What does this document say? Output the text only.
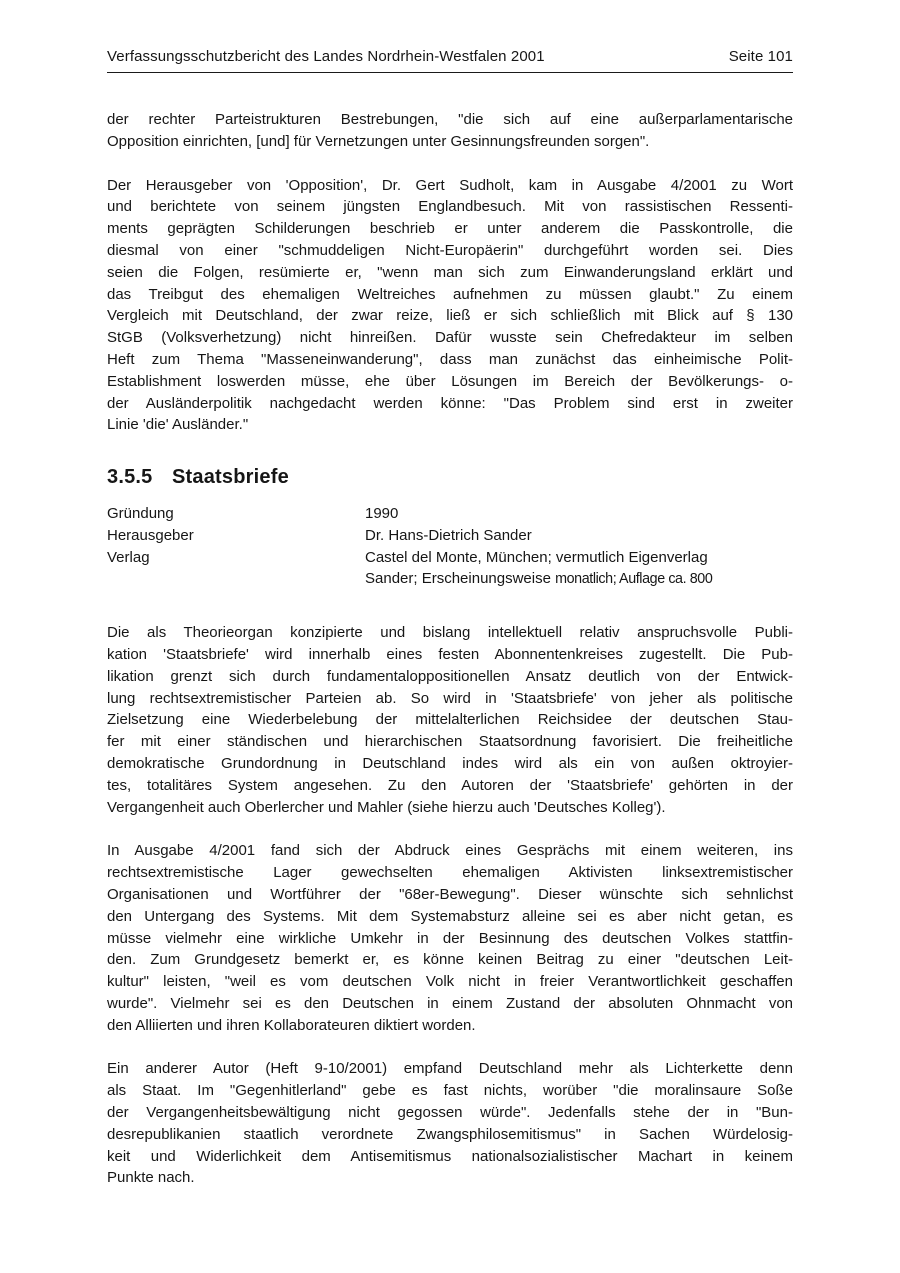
Verfassungsschutzbericht des Landes Nordrhein-Westfalen 2001	Seite 101
der rechter Parteistrukturen Bestrebungen, "die sich auf eine außerparlamentarische
Opposition einrichten, [und] für Vernetzungen unter Gesinnungsfreunden sorgen".
Der Herausgeber von 'Opposition', Dr. Gert Sudholt, kam in Ausgabe 4/2001 zu Wort
und berichtete von seinem jüngsten Englandbesuch. Mit von rassistischen Ressenti-
ments geprägten Schilderungen beschrieb er unter anderem die Passkontrolle, die
diesmal von einer "schmuddeligen Nicht-Europäerin" durchgeführt worden sei. Dies
seien die Folgen, resümierte er, "wenn man sich zum Einwanderungsland erklärt und
das Treibgut des ehemaligen Weltreiches aufnehmen zu müssen glaubt." Zu einem
Vergleich mit Deutschland, der zwar reize, ließ er sich schließlich mit Blick auf § 130
StGB (Volksverhetzung) nicht hinreißen. Dafür wusste sein Chefredakteur im selben
Heft zum Thema "Masseneinwanderung", dass man zunächst das einheimische Polit-
Establishment loswerden müsse, ehe über Lösungen im Bereich der Bevölkerungs- o-
der Ausländerpolitik nachgedacht werden könne: "Das Problem sind erst in zweiter
Linie 'die' Ausländer."
3.5.5 Staatsbriefe
Gründung	1990
Herausgeber	Dr. Hans-Dietrich Sander
Verlag	Castel del Monte, München; vermutlich Eigenverlag
Sander; Erscheinungsweise monatlich; Auflage ca. 800
Die als Theorieorgan konzipierte und bislang intellektuell relativ anspruchsvolle Publi-
kation 'Staatsbriefe' wird innerhalb eines festen Abonnentenkreises zugestellt. Die Pub-
likation grenzt sich durch fundamentaloppositionellen Ansatz deutlich von der Entwick-
lung rechtsextremistischer Parteien ab. So wird in 'Staatsbriefe' von jeher als politische
Zielsetzung eine Wiederbelebung der mittelalterlichen Reichsidee der deutschen Stau-
fer mit einer ständischen und hierarchischen Staatsordnung favorisiert. Die freiheitliche
demokratische Grundordnung in Deutschland indes wird als ein von außen oktroyier-
tes, totalitäres System angesehen. Zu den Autoren der 'Staatsbriefe' gehörten in der
Vergangenheit auch Oberlercher und Mahler (siehe hierzu auch 'Deutsches Kolleg').
In Ausgabe 4/2001 fand sich der Abdruck eines Gesprächs mit einem weiteren, ins
rechtsextremistische Lager gewechselten ehemaligen Aktivisten linksextremistischer
Organisationen und Wortführer der "68er-Bewegung". Dieser wünschte sich sehnlichst
den Untergang des Systems. Mit dem Systemabsturz alleine sei es aber nicht getan, es
müsse vielmehr eine wirkliche Umkehr in der Besinnung des deutschen Volkes stattfin-
den. Zum Grundgesetz bemerkt er, es könne keinen Beitrag zu einer "deutschen Leit-
kultur" leisten, "weil es vom deutschen Volk nicht in freier Verantwortlichkeit geschaffen
wurde". Vielmehr sei es den Deutschen in einem Zustand der absoluten Ohnmacht von
den Alliierten und ihren Kollaborateuren diktiert worden.
Ein anderer Autor (Heft 9-10/2001) empfand Deutschland mehr als Lichterkette denn
als Staat. Im "Gegenhitlerland" gebe es fast nichts, worüber "die moralinsaure Soße
der Vergangenheitsbewältigung nicht gegossen würde". Jedenfalls stehe der in "Bun-
desrepublikanien staatlich verordnete Zwangsphilosemitismus" in Sachen Würdelosig-
keit und Widerlichkeit dem Antisemitismus nationalsozialistischer Machart in keinem
Punkte nach.
